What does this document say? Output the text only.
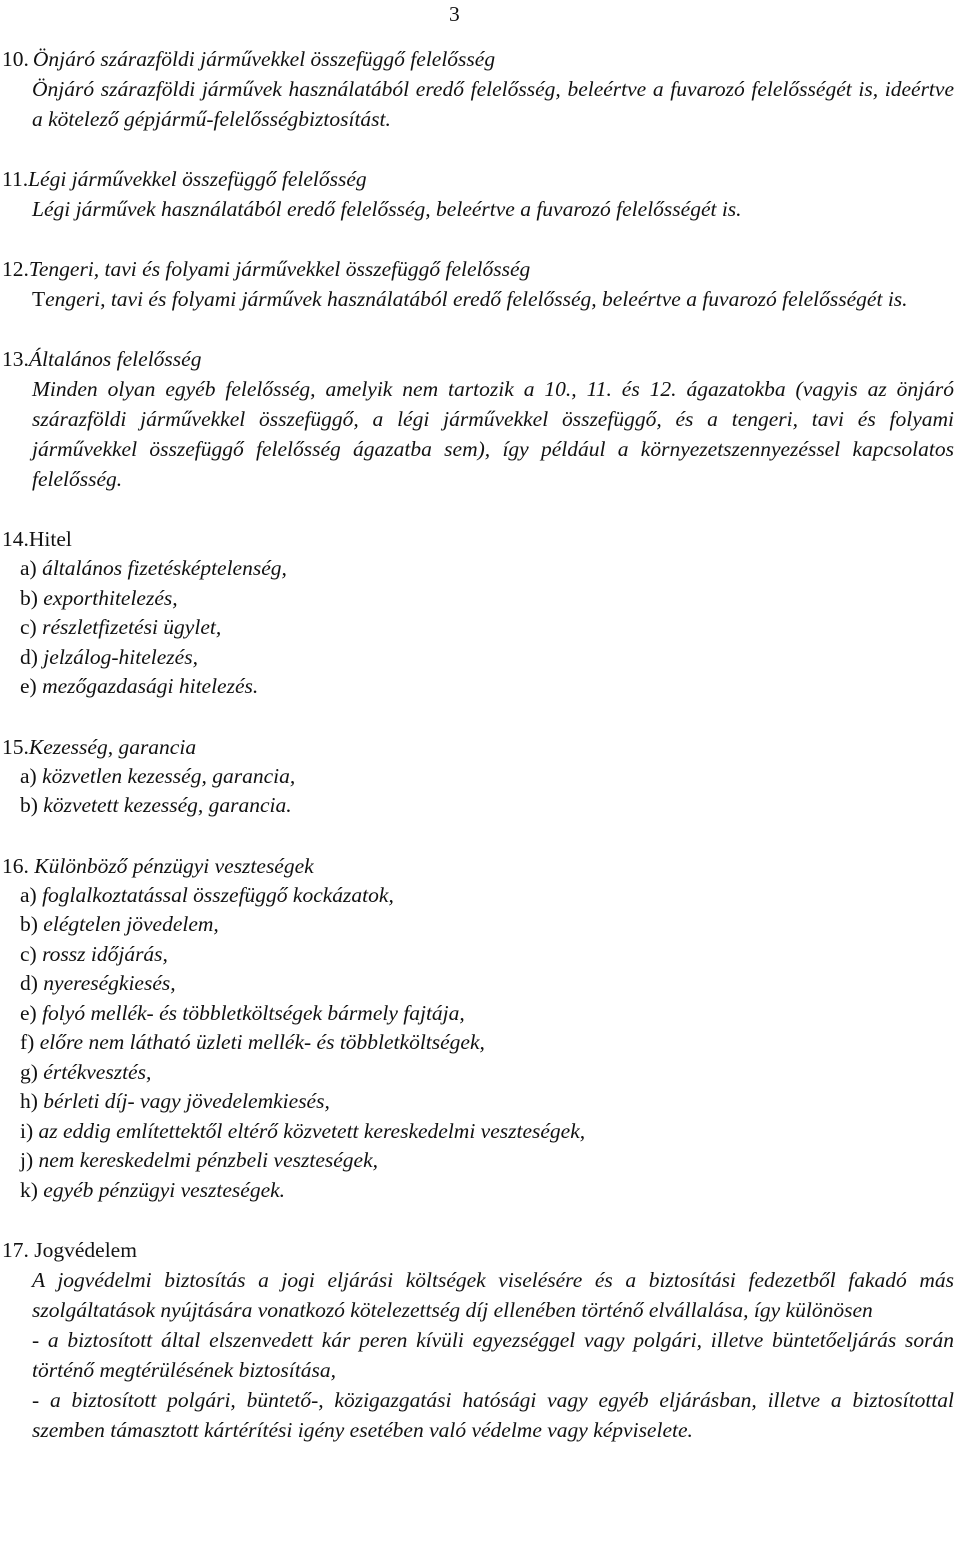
3
10. Önjáró szárazföldi járművekkel összefüggő felelősség
Önjáró szárazföldi járművek használatából eredő felelősség, beleértve a fuvarozó felelősségét is, ideértve a kötelező gépjármű-felelősségbiztosítást.
11.Légi járművekkel összefüggő felelősség
Légi járművek használatából eredő felelősség, beleértve a fuvarozó felelősségét is.
12.Tengeri, tavi és folyami járművekkel összefüggő felelősség
Tengeri, tavi és folyami járművek használatából eredő felelősség, beleértve a fuvarozó felelősségét is.
13.Általános felelősség
Minden olyan egyéb felelősség, amelyik nem tartozik a 10., 11. és 12. ágazatokba (vagyis az önjáró szárazföldi járművekkel összefüggő, a légi járművekkel összefüggő, és a tengeri, tavi és folyami járművekkel összefüggő felelősség ágazatba sem), így például a környezetszennyezéssel kapcsolatos felelősség.
14.Hitel
a) általános fizetésképtelenség,
b) exporthitelezés,
c) részletfizetési ügylet,
d) jelzálog-hitelezés,
e) mezőgazdasági hitelezés.
15.Kezesség, garancia
a) közvetlen kezesség, garancia,
b) közvetett kezesség, garancia.
16. Különböző pénzügyi veszteségek
a) foglalkoztatással összefüggő kockázatok,
b) elégtelen jövedelem,
c) rossz időjárás,
d) nyereségkiesés,
e) folyó mellék- és többletköltségek bármely fajtája,
f) előre nem látható üzleti mellék- és többletköltségek,
g) értékvesztés,
h) bérleti díj- vagy jövedelemkiesés,
i) az eddig említettektől eltérő közvetett kereskedelmi veszteségek,
j) nem kereskedelmi pénzbeli veszteségek,
k) egyéb pénzügyi veszteségek.
17. Jogvédelem
A jogvédelmi biztosítás a jogi eljárási költségek viselésére és a biztosítási fedezetből fakadó más szolgáltatások nyújtására vonatkozó kötelezettség díj ellenében történő elvállalása, így különösen
- a biztosított által elszenvedett kár peren kívüli egyezséggel vagy polgári, illetve büntetőeljárás során történő megtérülésének biztosítása,
- a biztosított polgári, büntető-, közigazgatási hatósági vagy egyéb eljárásban, illetve a biztosítottal szemben támasztott kártérítési igény esetében való védelme vagy képviselete.
